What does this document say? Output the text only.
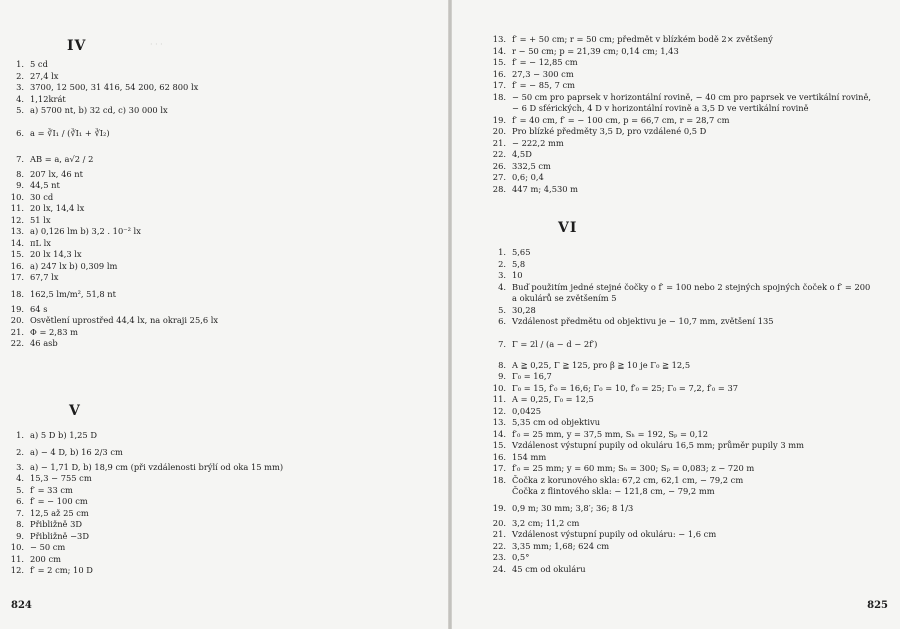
· · ·
IV
1. 5 cd
2. 27,4 lx
3. 3700, 12 500, 31 416, 54 200, 62 800 lx
4. 1,12krát
5. a) 5700 nt, b) 32 cd, c) 30 000 lx
6. a = ∛I₁ / (∛I₁ + ∛I₂)
7. AB = a, a√2 / 2
8. 207 lx, 46 nt
9. 44,5 nt
10. 30 cd
11. 20 lx, 14,4 lx
12. 51 lx
13. a) 0,126 lm b) 3,2 . 10⁻² lx
14. πL lx
15. 20 lx 14,3 lx
16. a) 247 lx b) 0,309 lm
17. 67,7 lx
18. 162,5 lm/m², 51,8 nt
19. 64 s
20. Osvětlení uprostřed 44,4 lx, na okraji 25,6 lx
21. Φ = 2,83 m
22. 46 asb
V
1. a) 5 D b) 1,25 D
2. a) − 4 D, b) 16 2/3 cm
3. a) − 1,71 D, b) 18,9 cm (při vzdálenosti brýlí od oka 15 mm)
4. 15,3 − 755 cm
5. f′ = 33 cm
6. f′ = − 100 cm
7. 12,5 až 25 cm
8. Přibližně 3D
9. Přibližně −3D
10. − 50 cm
11. 200 cm
12. f′ = 2 cm; 10 D
824
13. f′ = + 50 cm; r = 50 cm; předmět v blízkém bodě 2× zvětšený
14. r − 50 cm; p = 21,39 cm; 0,14 cm; 1,43
15. f′ = − 12,85 cm
16. 27,3 − 300 cm
17. f′ = − 85, 7 cm
18. − 50 cm pro paprsek v horizontální rovině, − 40 cm pro paprsek ve vertikální rovině, − 6 D sférických, 4 D v horizontální rovině a 3,5 D ve vertikální rovině
19. f′ = 40 cm, f′ = − 100 cm, p = 66,7 cm, r = 28,7 cm
20. Pro blízké předměty 3,5 D, pro vzdálené 0,5 D
21. − 222,2 mm
22. 4,5D
26. 332,5 cm
27. 0,6; 0,4
28. 447 m; 4,530 m
VI
1. 5,65
2. 5,8
3. 10
4. Buď použitím jedné stejné čočky o f′ = 100 nebo 2 stejných spojných čoček o f′ = 200 a okulárů se zvětšením 5
5. 30,28
6. Vzdálenost předmětu od objektivu je − 10,7 mm, zvětšení 135
7. Γ = 2l / (a − d − 2f′)
8. A ≧ 0,25, Γ ≧ 125, pro β ≧ 10 je Γ₀ ≧ 12,5
9. Γ₀ = 16,7
10. Γ₀ = 15, f′₀ = 16,6; Γ₀ = 10, f′₀ = 25; Γ₀ = 7,2, f′₀ = 37
11. A = 0,25, Γ₀ = 12,5
12. 0,0425
13. 5,35 cm od objektivu
14. f′₀ = 25 mm, y = 37,5 mm, Sₕ = 192, Sₚ = 0,12
15. Vzdálenost výstupní pupily od okuláru 16,5 mm; průměr pupily 3 mm
16. 154 mm
17. f′₀ = 25 mm; y = 60 mm; Sₕ = 300; Sₚ = 0,083; z − 720 m
18. Čočka z korunového skla: 67,2 cm, 62,1 cm, − 79,2 cm
Čočka z flintového skla: − 121,8 cm, − 79,2 mm
19. 0,9 m; 30 mm; 3,8′; 36; 8 1/3
20. 3,2 cm; 11,2 cm
21. Vzdálenost výstupní pupily od okuláru: − 1,6 cm
22. 3,35 mm; 1,68; 624 cm
23. 0,5°
24. 45 cm od okuláru
825
